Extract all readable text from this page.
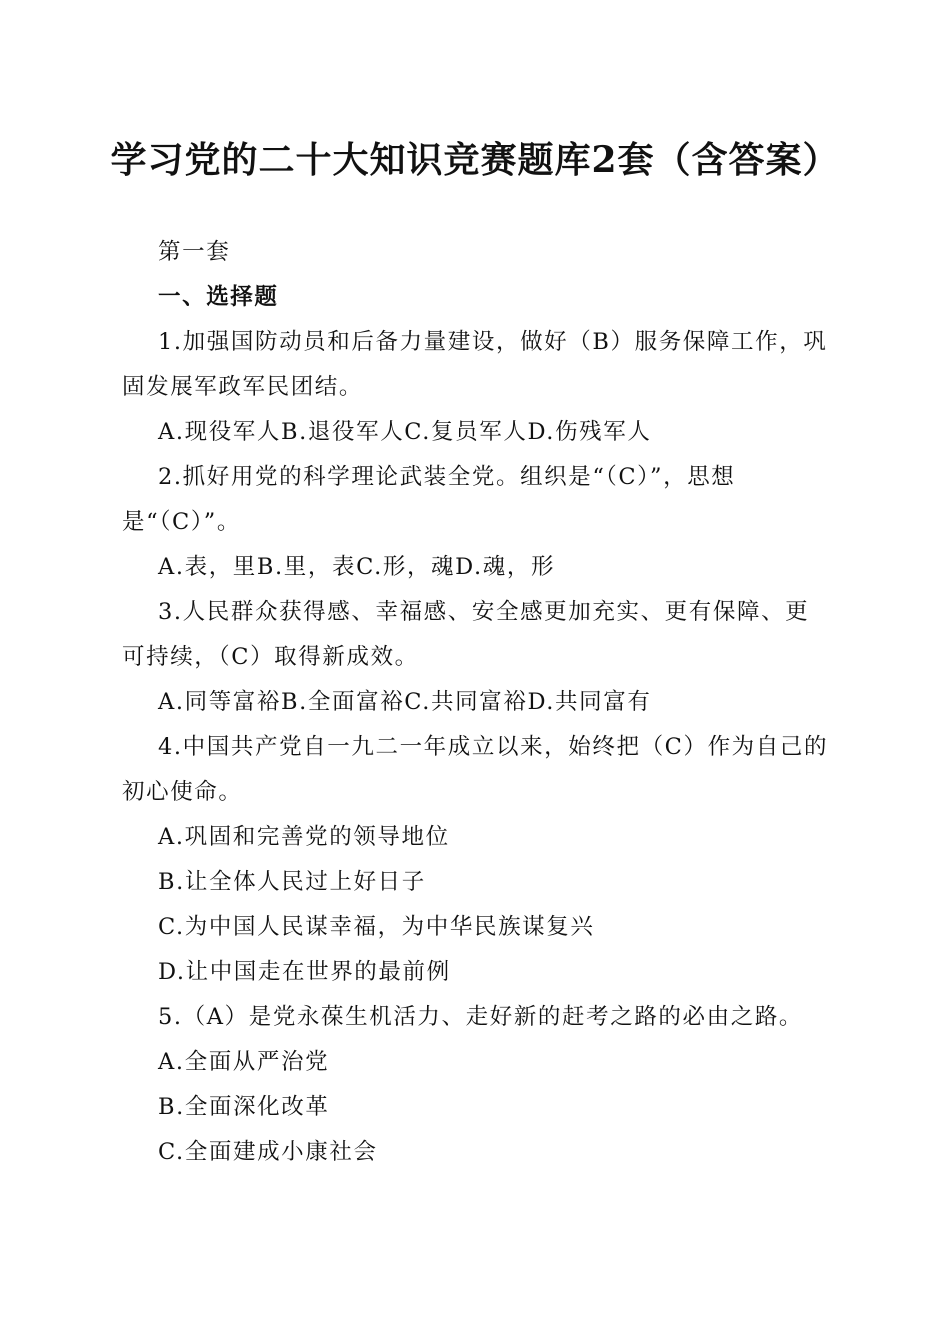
学习党的二十大知识竞赛题库2套（含答案）

第一套

一、选择题

1.加强国防动员和后备力量建设，做好（B）服务保障工作，巩固发展军政军民团结。

A.现役军人B.退役军人C.复员军人D.伤残军人

2.抓好用党的科学理论武装全党。组织是“（C）”，思想是“（C）”。

A.表，里B.里，表C.形，魂D.魂，形

3.人民群众获得感、幸福感、安全感更加充实、更有保障、更可持续，（C）取得新成效。

A.同等富裕B.全面富裕C.共同富裕D.共同富有

4.中国共产党自一九二一年成立以来，始终把（C）作为自己的初心使命。

A.巩固和完善党的领导地位

B.让全体人民过上好日子

C.为中国人民谋幸福，为中华民族谋复兴

D.让中国走在世界的最前例

5.（A）是党永葆生机活力、走好新的赶考之路的必由之路。

A.全面从严治党

B.全面深化改革

C.全面建成小康社会
